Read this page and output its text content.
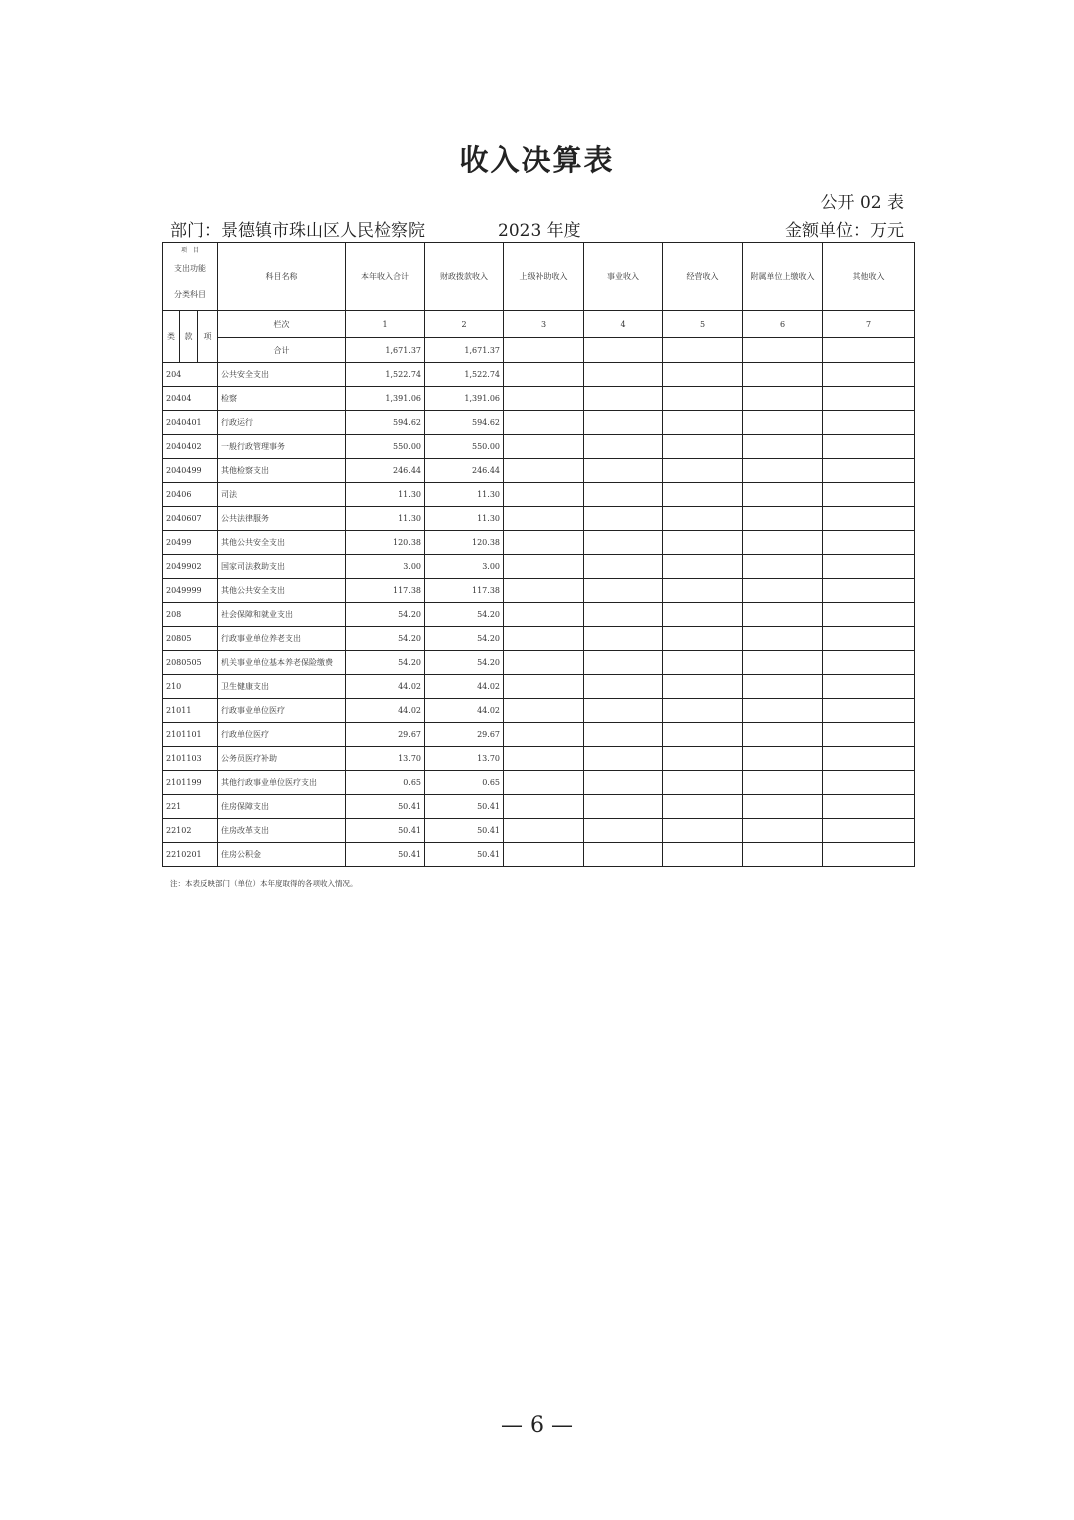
收入决算表
公开 02 表
部门：景德镇市珠山区人民检察院	2023 年度	金额单位：万元
项　目
支出功能
分类科目			科目名称	本年收入合计	财政拨款收入	上级补助收入	事业收入	经营收入	附属单位上缴收入	其他收入
类	款	项	栏次	1	2	3	4	5	6	7
			合计	1,671.37	1,671.37					
204			公共安全支出	1,522.74	1,522.74					
20404			检察	1,391.06	1,391.06					
2040401			行政运行	594.62	594.62					
2040402			一般行政管理事务	550.00	550.00					
2040499			其他检察支出	246.44	246.44					
20406			司法	11.30	11.30					
2040607			公共法律服务	11.30	11.30					
20499			其他公共安全支出	120.38	120.38					
2049902			国家司法救助支出	3.00	3.00					
2049999			其他公共安全支出	117.38	117.38					
208			社会保障和就业支出	54.20	54.20					
20805			行政事业单位养老支出	54.20	54.20					
2080505			机关事业单位基本养老保险缴费	54.20	54.20					
210			卫生健康支出	44.02	44.02					
21011			行政事业单位医疗	44.02	44.02					
2101101			行政单位医疗	29.67	29.67					
2101103			公务员医疗补助	13.70	13.70					
2101199			其他行政事业单位医疗支出	0.65	0.65					
221			住房保障支出	50.41	50.41					
22102			住房改革支出	50.41	50.41					
2210201			住房公积金	50.41	50.41					
注：本表反映部门（单位）本年度取得的各项收入情况。
— 6 —
